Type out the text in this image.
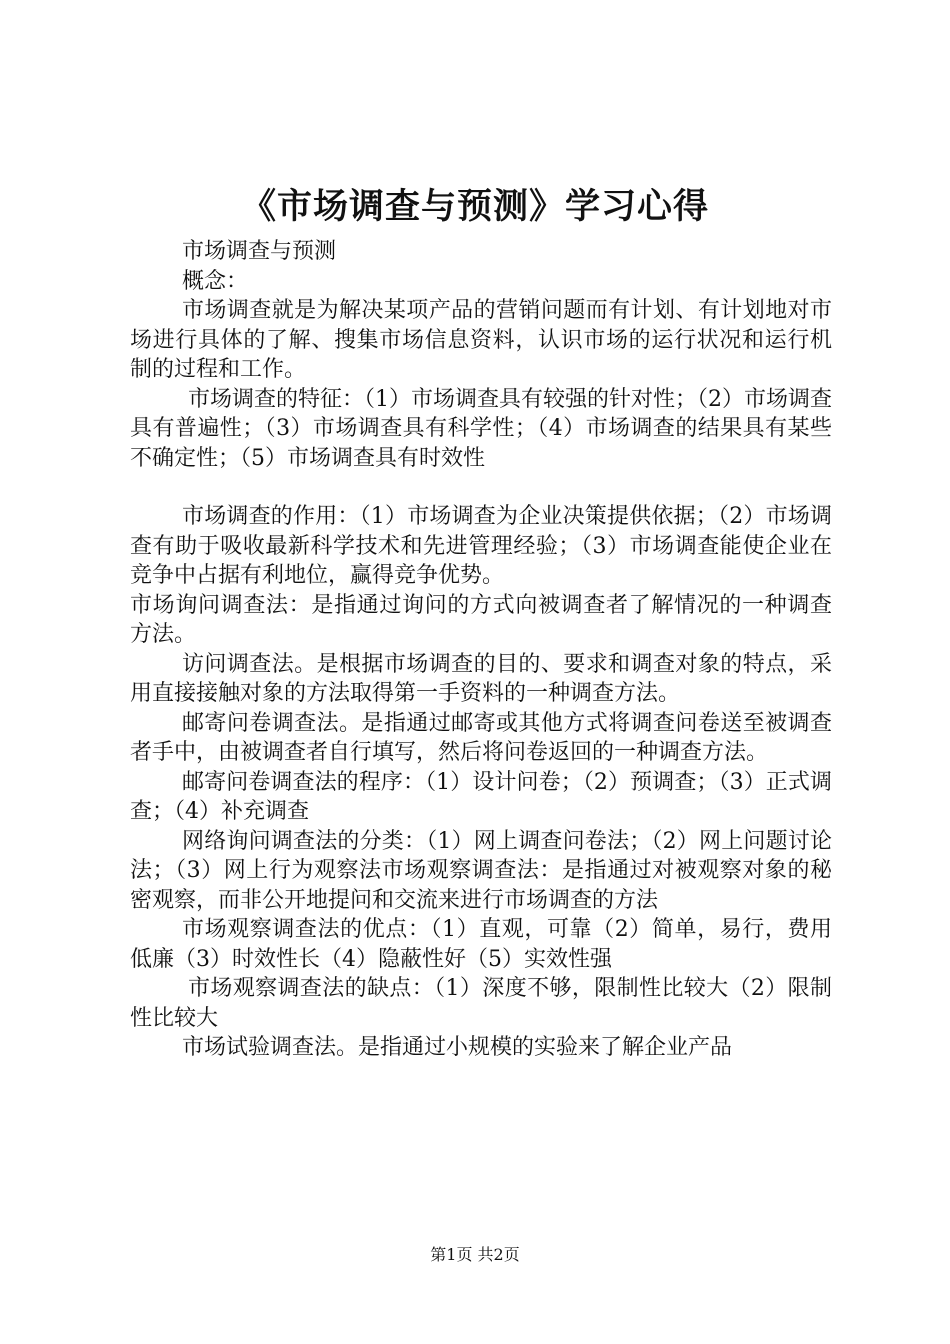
《市场调查与预测》学习心得

市场调查与预测

概念：

市场调查就是为解决某项产品的营销问题而有计划、有计划地对市场进行具体的了解、搜集市场信息资料，认识市场的运行状况和运行机制的过程和工作。

市场调查的特征：（1）市场调查具有较强的针对性；（2）市场调查具有普遍性；（3）市场调查具有科学性；（4）市场调查的结果具有某些不确定性；（5）市场调查具有时效性

市场调查的作用：（1）市场调查为企业决策提供依据；（2）市场调查有助于吸收最新科学技术和先进管理经验；（3）市场调查能使企业在竞争中占据有利地位，赢得竞争优势。

市场询问调查法：是指通过询问的方式向被调查者了解情况的一种调查方法。

访问调查法。是根据市场调查的目的、要求和调查对象的特点，采用直接接触对象的方法取得第一手资料的一种调查方法。

邮寄问卷调查法。是指通过邮寄或其他方式将调查问卷送至被调查者手中，由被调查者自行填写，然后将问卷返回的一种调查方法。

邮寄问卷调查法的程序：（1）设计问卷；（2）预调查；（3）正式调查；（4）补充调查

网络询问调查法的分类：（1）网上调查问卷法；（2）网上问题讨论法；（3）网上行为观察法市场观察调查法：是指通过对被观察对象的秘密观察，而非公开地提问和交流来进行市场调查的方法

市场观察调查法的优点：（1）直观，可靠（2）简单，易行，费用低廉（3）时效性长（4）隐蔽性好（5）实效性强

市场观察调查法的缺点：（1）深度不够，限制性比较大（2）限制性比较大

市场试验调查法。是指通过小规模的实验来了解企业产品

第1页 共2页
